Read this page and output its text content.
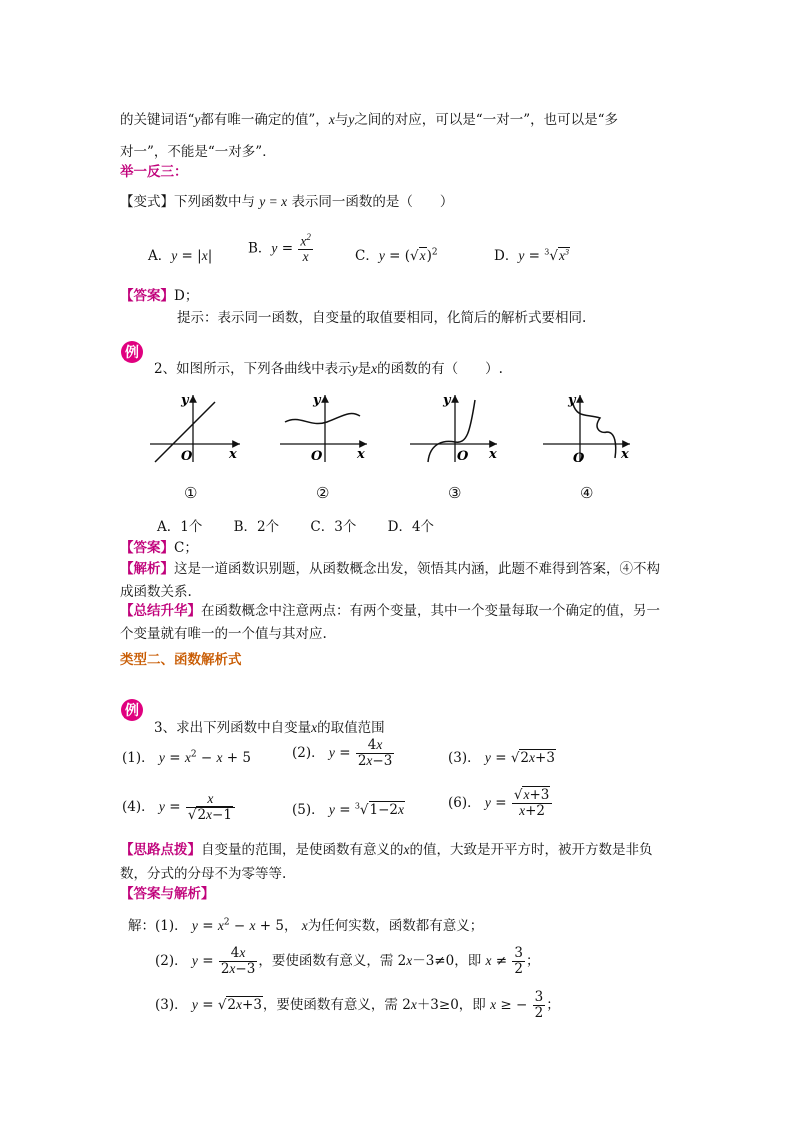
的关键词语“y都有唯一确定的值”，x与y之间的对应，可以是“一对一”，也可以是“多
对一”，不能是“一对多”．
举一反三：
【变式】下列函数中与 y = x 表示同一函数的是（　　）
A．y = |x|	B．$y = \frac{x^2}{x}$	C．$y = (√x)^2$	D．$y = ^3√x^3$
【答案】D；
提示：表示同一函数，自变量的取值要相同，化简后的解析式要相同.
例
2、如图所示，下列各曲线中表示y是x的函数的有（　　）.
y
O	x
y
O	x
y
O x
y
O	x
①	②	③	④
A．1个　　 B．2个　　 C．3个　　 D．4个
【答案】C；
【解析】这是一道函数识别题，从函数概念出发，领悟其内涵，此题不难得到答案，④不构
成函数关系.
【总结升华】在函数概念中注意两点：有两个变量，其中一个变量每取一个确定的值，另一
个变量就有唯一的一个值与其对应.
类型二、函数解析式
例
3、求出下列函数中自变量x的取值范围
(1)． $y = x^2 - x + 5$	(2)． $y = \frac{4x}{2x-3}$	(3)． y = √2x+3
(4)． $y = \frac{x}{√2x-1}$	(5)． y = $^3$√1−2x	(6)． $y = \frac{√x+3}{x+2}$
【思路点拨】自变量的范围，是使函数有意义的x的值，大致是开平方时，被开方数是非负
数，分式的分母不为零等等.
【答案与解析】
解：(1)． $y = x^2 - x + 5$， x为任何实数，函数都有意义；
(2)． $y = \frac{4x}{2x-3}$ ，要使函数有意义，需 2x－3≠0，即 $x \ne \frac{3}{2}$ ；
(3)． y = √2x+3，要使函数有意义，需 2x＋3≥0，即 x ≥ − $\frac{3}{2}$ ；
